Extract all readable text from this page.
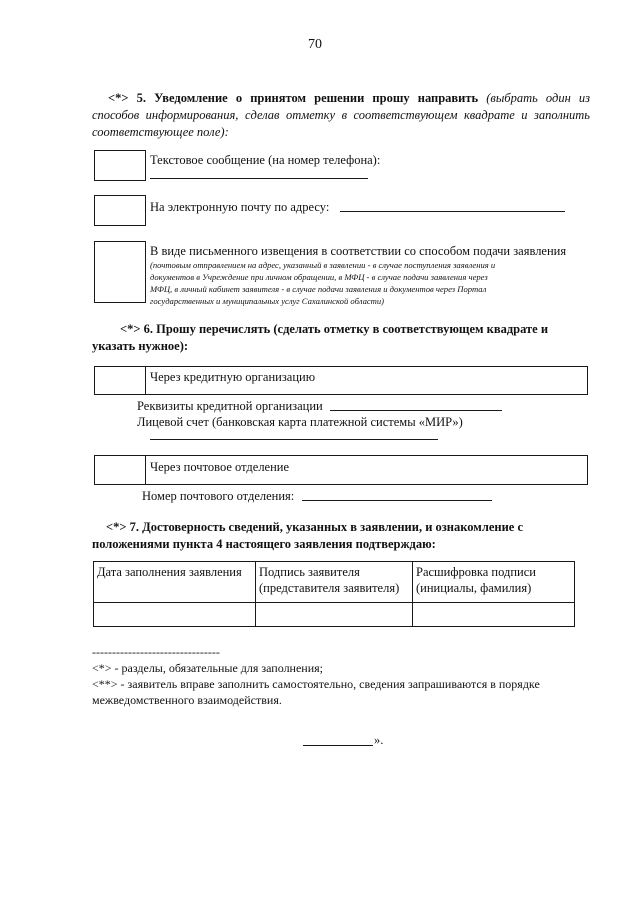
70
<*> 5. Уведомление о принятом решении прошу направить (выбрать один из способов информирования, сделав отметку в соответствующем квадрате и заполнить соответствующее поле):
Текстовое сообщение (на номер телефона):
На электронную почту по адресу:
В виде письменного извещения в соответствии со способом подачи заявления
(почтовым отправлением на адрес, указанный в заявлении - в случае поступления заявления и
документов в Учреждение при личном обращении, в МФЦ - в случае подачи заявления через
МФЦ, в личный кабинет заявителя - в случае подачи заявления и документов через Портал
государственных и муниципальных услуг Сахалинской области)
<*> 6. Прошу перечислять (сделать отметку в соответствующем квадрате и
указать нужное):
Через кредитную организацию
Реквизиты кредитной организации
Лицевой счет (банковская карта платежной системы «МИР»)
Через почтовое отделение
Номер почтового отделения:
<*> 7. Достоверность сведений, указанных в заявлении, и ознакомление с
положениями пункта 4 настоящего заявления подтверждаю:
Дата заполнения заявления	Подпись заявителя (представителя заявителя)	Расшифровка подписи (инициалы, фамилия)

--------------------------------
<*> - разделы, обязательные для заполнения;
<**> - заявитель вправе заполнить самостоятельно, сведения запрашиваются в порядке межведомственного взаимодействия.
».
